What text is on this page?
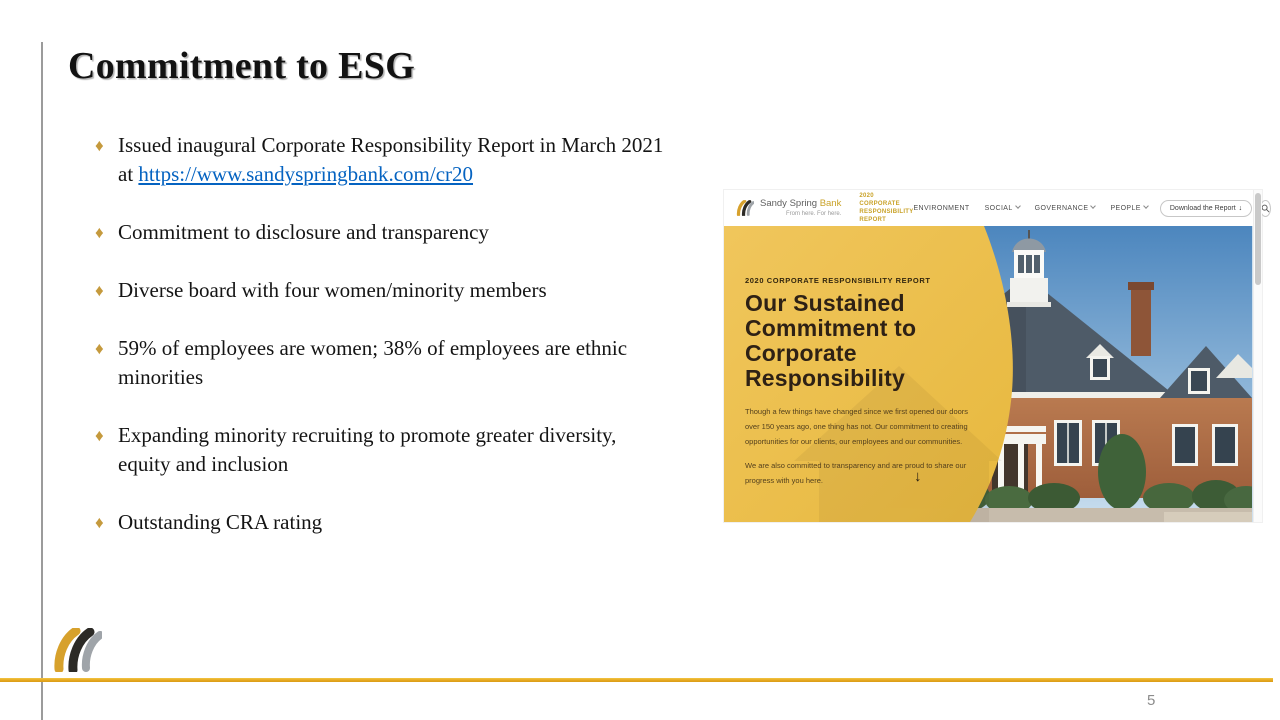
Commitment to ESG
♦ Issued inaugural Corporate Responsibility Report in March 2021 at https://www.sandyspringbank.com/cr20
♦ Commitment to disclosure and transparency
♦ Diverse board with four women/minority members
♦ 59% of employees are women; 38% of employees are ethnic minorities
♦ Expanding minority recruiting to promote greater diversity, equity and inclusion
♦ Outstanding CRA rating
Sandy Spring Bank
From here. For here.
2020 CORPORATE
RESPONSIBILITY REPORT
ENVIRONMENT SOCIAL	GOVERNANCE	PEOPLE	Download the Report ↓
2020 CORPORATE RESPONSIBILITY REPORT
Our Sustained
Commitment to
Corporate
Responsibility

Though a few things have changed since we first opened our doors over 150 years ago, one thing has not. Our commitment to creating opportunities for our clients, our employees and our communities.

We are also committed to transparency and are proud to share our progress with you here.	↓
5
